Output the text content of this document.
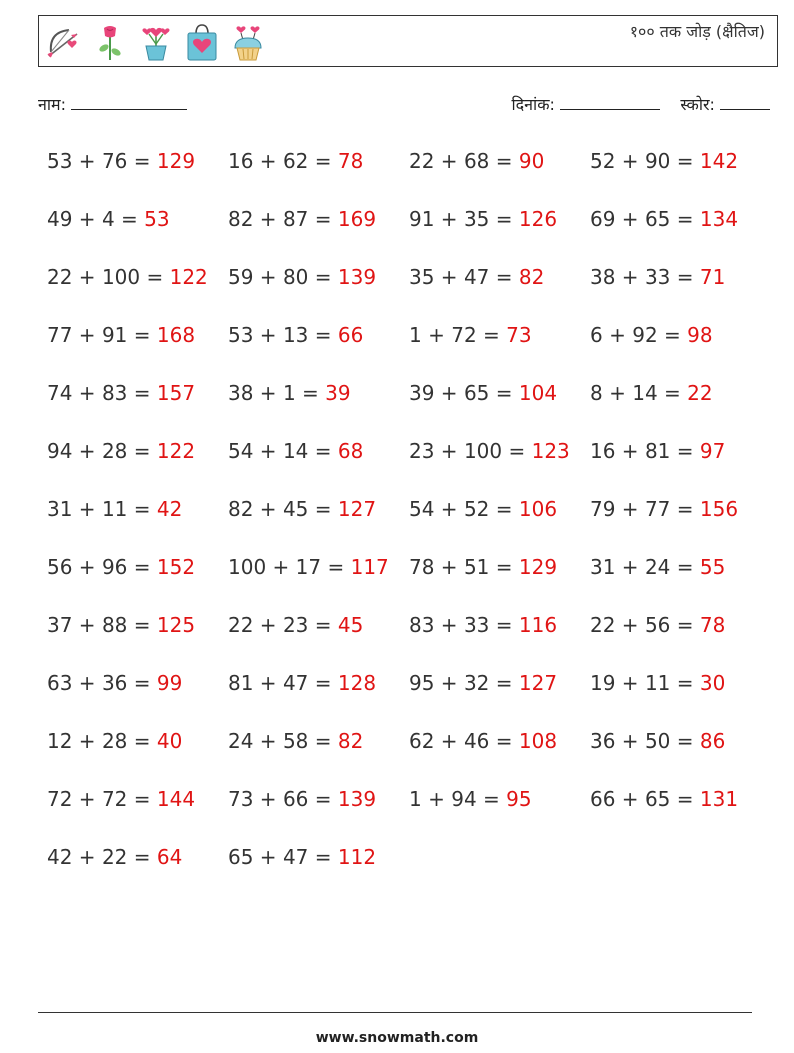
१०० तक जोड़ (क्षैतिज)
नाम:	दिनांक:	स्कोर:
53 + 76 = 129	16 + 62 = 78	22 + 68 = 90	52 + 90 = 142
49 + 4 = 53	82 + 87 = 169	91 + 35 = 126	69 + 65 = 134
22 + 100 = 122	59 + 80 = 139	35 + 47 = 82	38 + 33 = 71
77 + 91 = 168	53 + 13 = 66	1 + 72 = 73	6 + 92 = 98
74 + 83 = 157	38 + 1 = 39	39 + 65 = 104	8 + 14 = 22
94 + 28 = 122	54 + 14 = 68	23 + 100 = 123	16 + 81 = 97
31 + 11 = 42	82 + 45 = 127	54 + 52 = 106	79 + 77 = 156
56 + 96 = 152	100 + 17 = 117	78 + 51 = 129	31 + 24 = 55
37 + 88 = 125	22 + 23 = 45	83 + 33 = 116	22 + 56 = 78
63 + 36 = 99	81 + 47 = 128	95 + 32 = 127	19 + 11 = 30
12 + 28 = 40	24 + 58 = 82	62 + 46 = 108	36 + 50 = 86
72 + 72 = 144	73 + 66 = 139	1 + 94 = 95	66 + 65 = 131
42 + 22 = 64	65 + 47 = 112
www.snowmath.com
